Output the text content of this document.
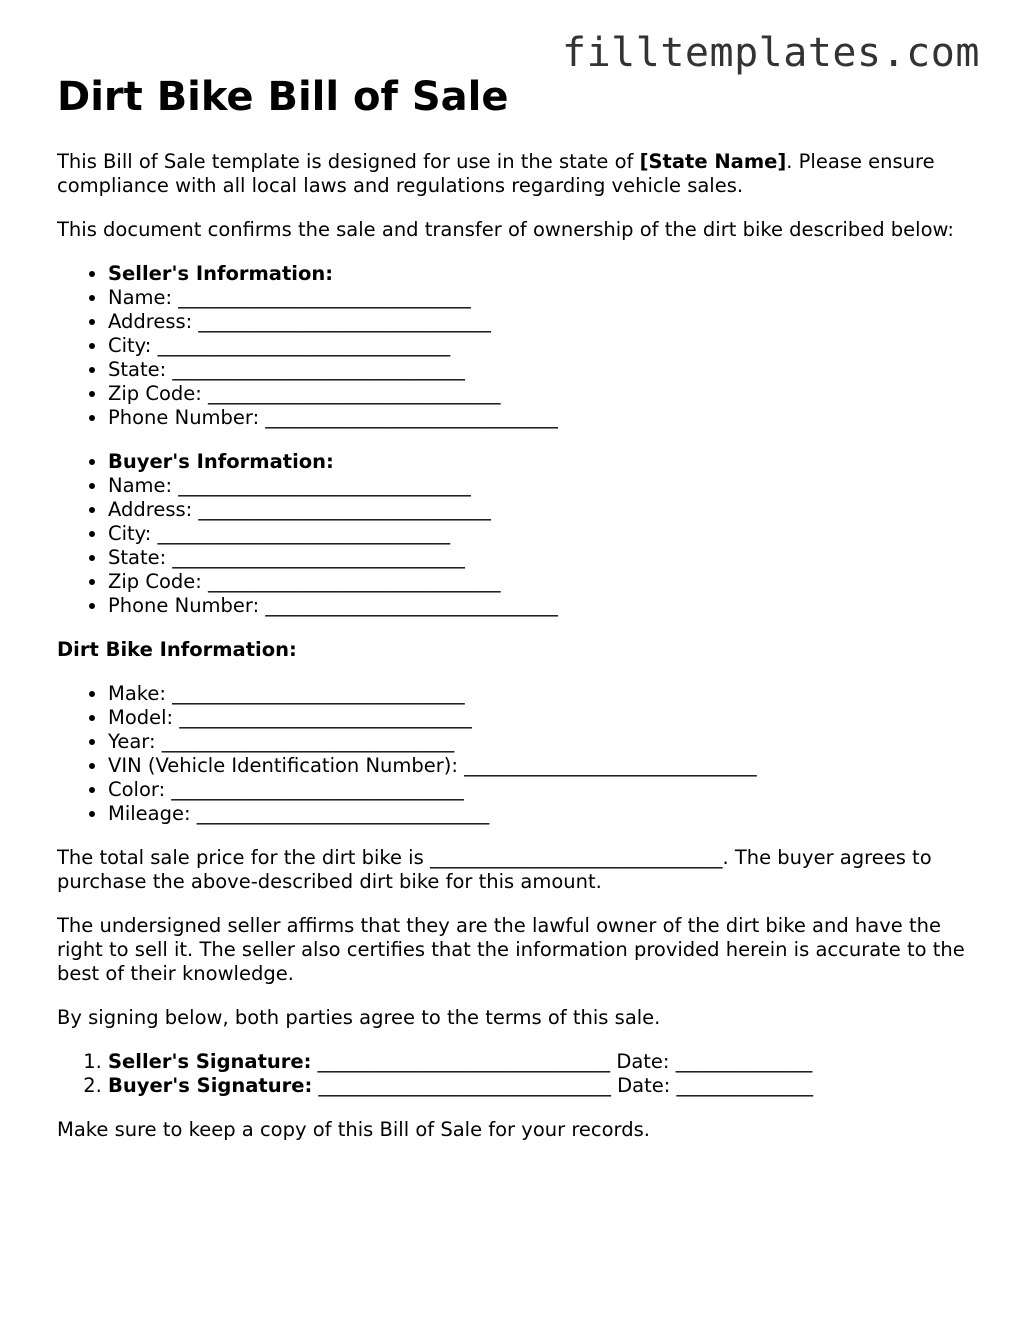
filltemplates.com
Dirt Bike Bill of Sale

This Bill of Sale template is designed for use in the state of [State Name]. Please ensure compliance with all local laws and regulations regarding vehicle sales.

This document confirms the sale and transfer of ownership of the dirt bike described below:

• Seller's Information:
• Name: ______________________________
• Address: ______________________________
• City: ______________________________
• State: ______________________________
• Zip Code: ______________________________
• Phone Number: ______________________________
• Buyer's Information:
• Name: ______________________________
• Address: ______________________________
• City: ______________________________
• State: ______________________________
• Zip Code: ______________________________
• Phone Number: ______________________________

Dirt Bike Information:

• Make: ______________________________
• Model: ______________________________
• Year: ______________________________
• VIN (Vehicle Identification Number): ______________________________
• Color: ______________________________
• Mileage: ______________________________

The total sale price for the dirt bike is ______________________________. The buyer agrees to purchase the above-described dirt bike for this amount.

The undersigned seller affirms that they are the lawful owner of the dirt bike and have the right to sell it. The seller also certifies that the information provided herein is accurate to the best of their knowledge.

By signing below, both parties agree to the terms of this sale.

1. Seller's Signature: ______________________________ Date: ______________
2. Buyer's Signature: ______________________________ Date: ______________

Make sure to keep a copy of this Bill of Sale for your records.
